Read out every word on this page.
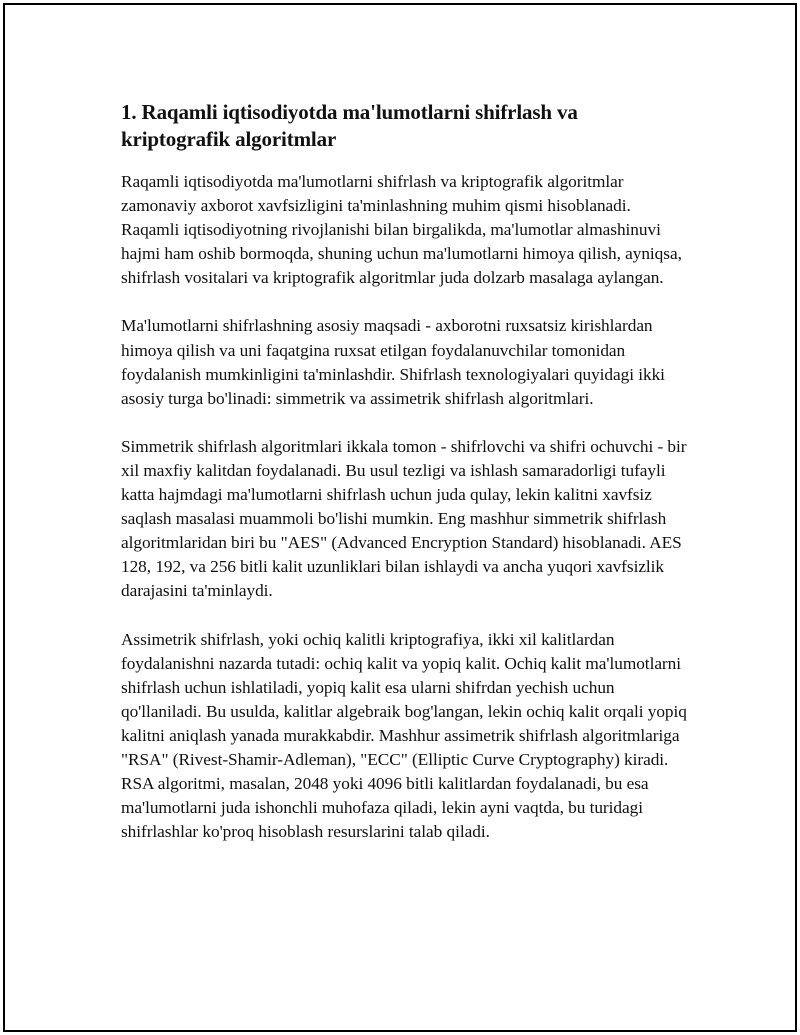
1. Raqamli iqtisodiyotda ma'lumotlarni shifrlash va kriptografik algoritmlar

Raqamli iqtisodiyotda ma'lumotlarni shifrlash va kriptografik algoritmlar zamonaviy axborot xavfsizligini ta'minlashning muhim qismi hisoblanadi. Raqamli iqtisodiyotning rivojlanishi bilan birgalikda, ma'lumotlar almashinuvi hajmi ham oshib bormoqda, shuning uchun ma'lumotlarni himoya qilish, ayniqsa, shifrlash vositalari va kriptografik algoritmlar juda dolzarb masalaga aylangan.

Ma'lumotlarni shifrlashning asosiy maqsadi - axborotni ruxsatsiz kirishlardan himoya qilish va uni faqatgina ruxsat etilgan foydalanuvchilar tomonidan foydalanish mumkinligini ta'minlashdir. Shifrlash texnologiyalari quyidagi ikki asosiy turga bo'linadi: simmetrik va assimetrik shifrlash algoritmlari.

Simmetrik shifrlash algoritmlari ikkala tomon - shifrlovchi va shifri ochuvchi - bir xil maxfiy kalitdan foydalanadi. Bu usul tezligi va ishlash samaradorligi tufayli katta hajmdagi ma'lumotlarni shifrlash uchun juda qulay, lekin kalitni xavfsiz saqlash masalasi muammoli bo'lishi mumkin. Eng mashhur simmetrik shifrlash algoritmlaridan biri bu "AES" (Advanced Encryption Standard) hisoblanadi. AES 128, 192, va 256 bitli kalit uzunliklari bilan ishlaydi va ancha yuqori xavfsizlik darajasini ta'minlaydi.

Assimetrik shifrlash, yoki ochiq kalitli kriptografiya, ikki xil kalitlardan foydalanishni nazarda tutadi: ochiq kalit va yopiq kalit. Ochiq kalit ma'lumotlarni shifrlash uchun ishlatiladi, yopiq kalit esa ularni shifrdan yechish uchun qo'llaniladi. Bu usulda, kalitlar algebraik bog'langan, lekin ochiq kalit orqali yopiq kalitni aniqlash yanada murakkabdir. Mashhur assimetrik shifrlash algoritmlariga "RSA" (Rivest-Shamir-Adleman), "ECC" (Elliptic Curve Cryptography) kiradi. RSA algoritmi, masalan, 2048 yoki 4096 bitli kalitlardan foydalanadi, bu esa ma'lumotlarni juda ishonchli muhofaza qiladi, lekin ayni vaqtda, bu turidagi shifrlashlar ko'proq hisoblash resurslarini talab qiladi.
